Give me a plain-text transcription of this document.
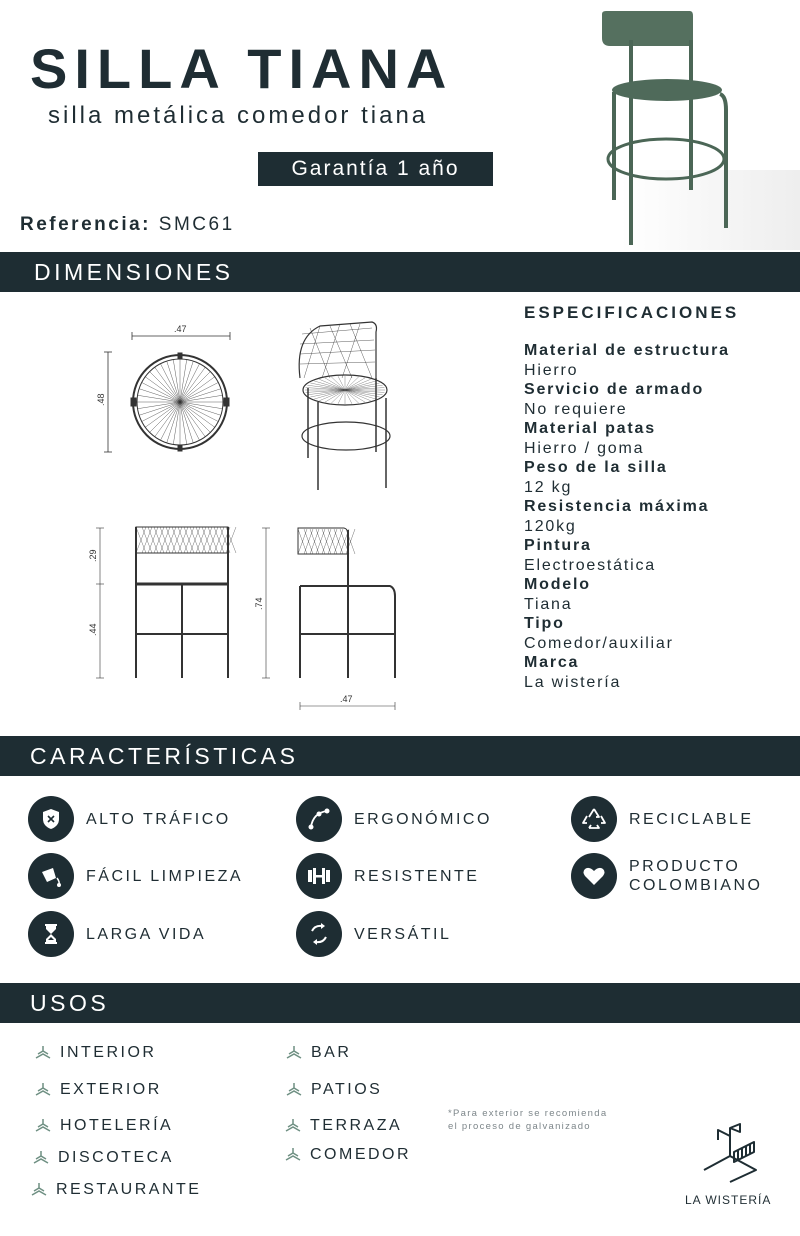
SILLA TIANA
silla metálica comedor tiana
Garantía 1 año
Referencia: SMC61
DIMENSIONES
.47
.48
.29
.44
.74
.47
ESPECIFICACIONES
Material de estructura
Hierro
Servicio de armado
No requiere
Material patas
Hierro / goma
Peso de la silla
12 kg
Resistencia máxima
120kg
Pintura
Electroestática
Modelo
Tiana
Tipo
Comedor/auxiliar
Marca
La wistería
CARACTERÍSTICAS
ALTO TRÁFICO	ERGONÓMICO	RECICLABLE
FÁCIL LIMPIEZA	RESISTENTE
PRODUCTO
COLOMBIANO
LARGA VIDA	VERSÁTIL
USOS
INTERIOR
EXTERIOR
HOTELERÍA
DISCOTECA
RESTAURANTE
BAR
PATIOS
TERRAZA
COMEDOR
*Para exterior se recomienda
el proceso de galvanizado
LA WISTERÍA
